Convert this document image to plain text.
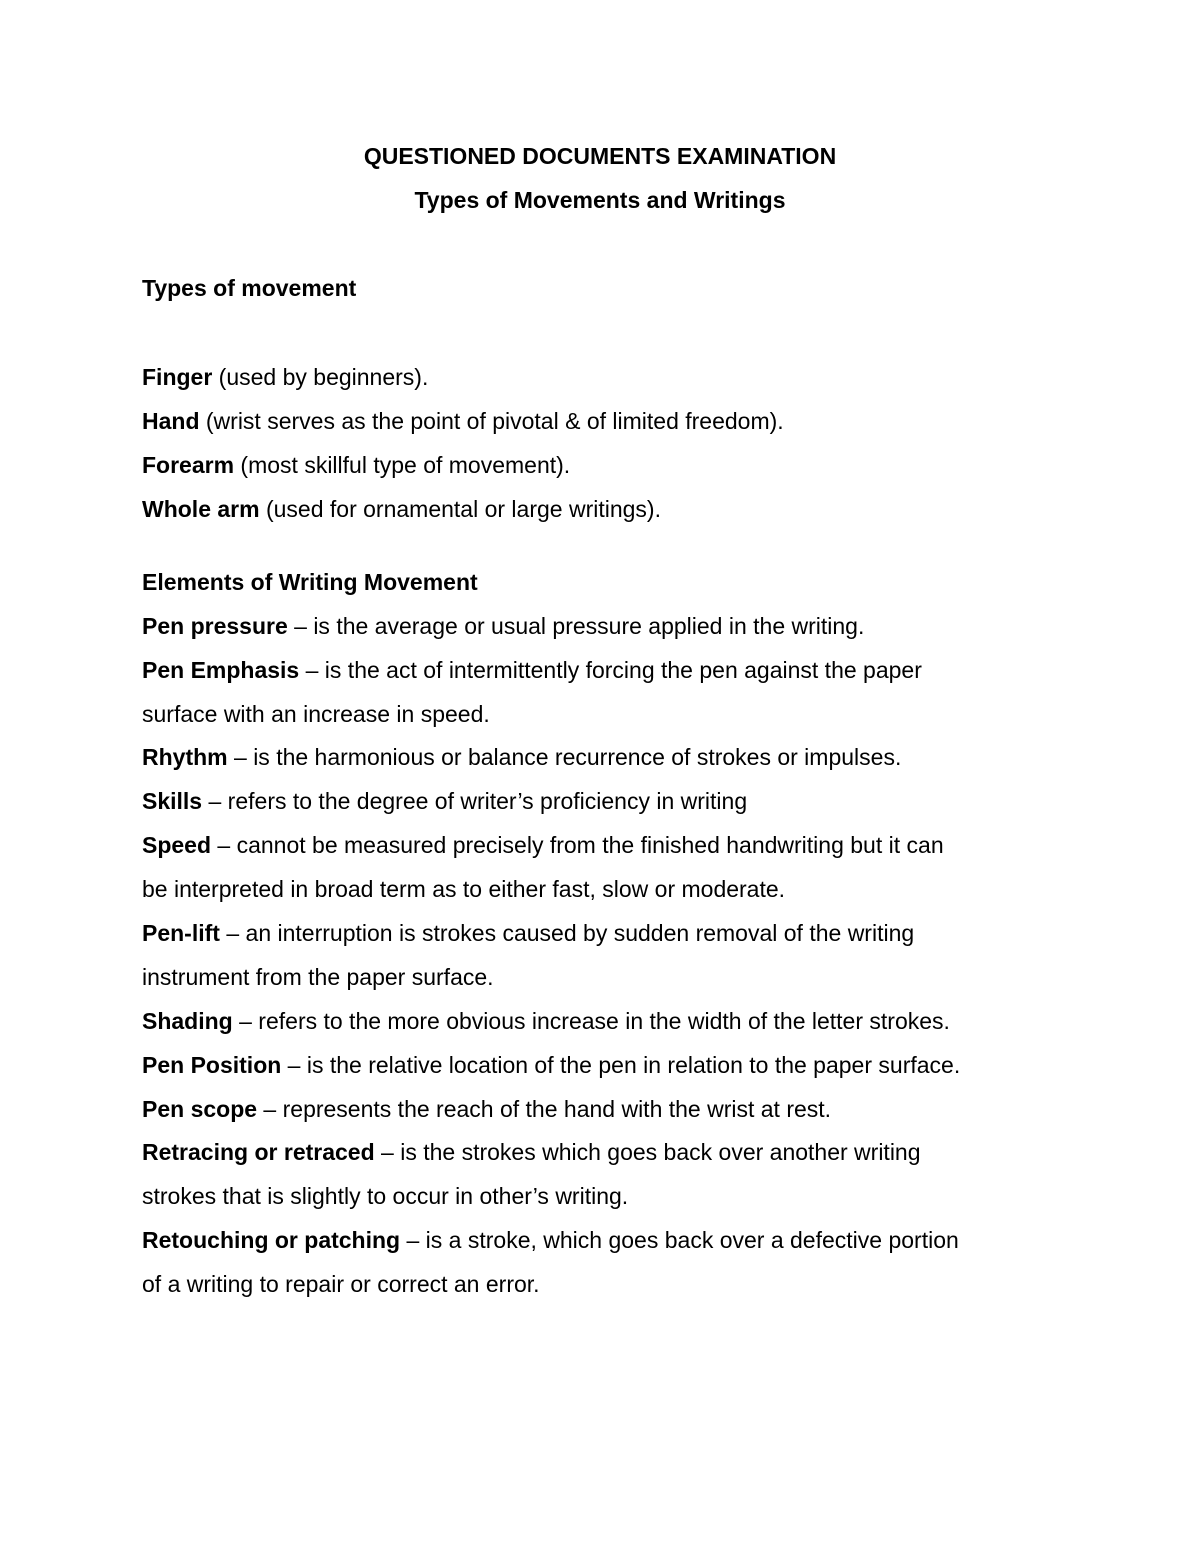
QUESTIONED DOCUMENTS EXAMINATION
Types of Movements and Writings
Types of movement
Finger (used by beginners).
Hand (wrist serves as the point of pivotal & of limited freedom).
Forearm (most skillful type of movement).
Whole arm (used for ornamental or large writings).
Elements of Writing Movement
Pen pressure – is the average or usual pressure applied in the writing.
Pen Emphasis – is the act of intermittently forcing the pen against the paper
surface with an increase in speed.
Rhythm – is the harmonious or balance recurrence of strokes or impulses.
Skills – refers to the degree of writer’s proficiency in writing
Speed – cannot be measured precisely from the finished handwriting but it can
be interpreted in broad term as to either fast, slow or moderate.
Pen-lift – an interruption is strokes caused by sudden removal of the writing
instrument from the paper surface.
Shading – refers to the more obvious increase in the width of the letter strokes.
Pen Position – is the relative location of the pen in relation to the paper surface.
Pen scope – represents the reach of the hand with the wrist at rest.
Retracing or retraced – is the strokes which goes back over another writing
strokes that is slightly to occur in other’s writing.
Retouching or patching – is a stroke, which goes back over a defective portion
of a writing to repair or correct an error.
